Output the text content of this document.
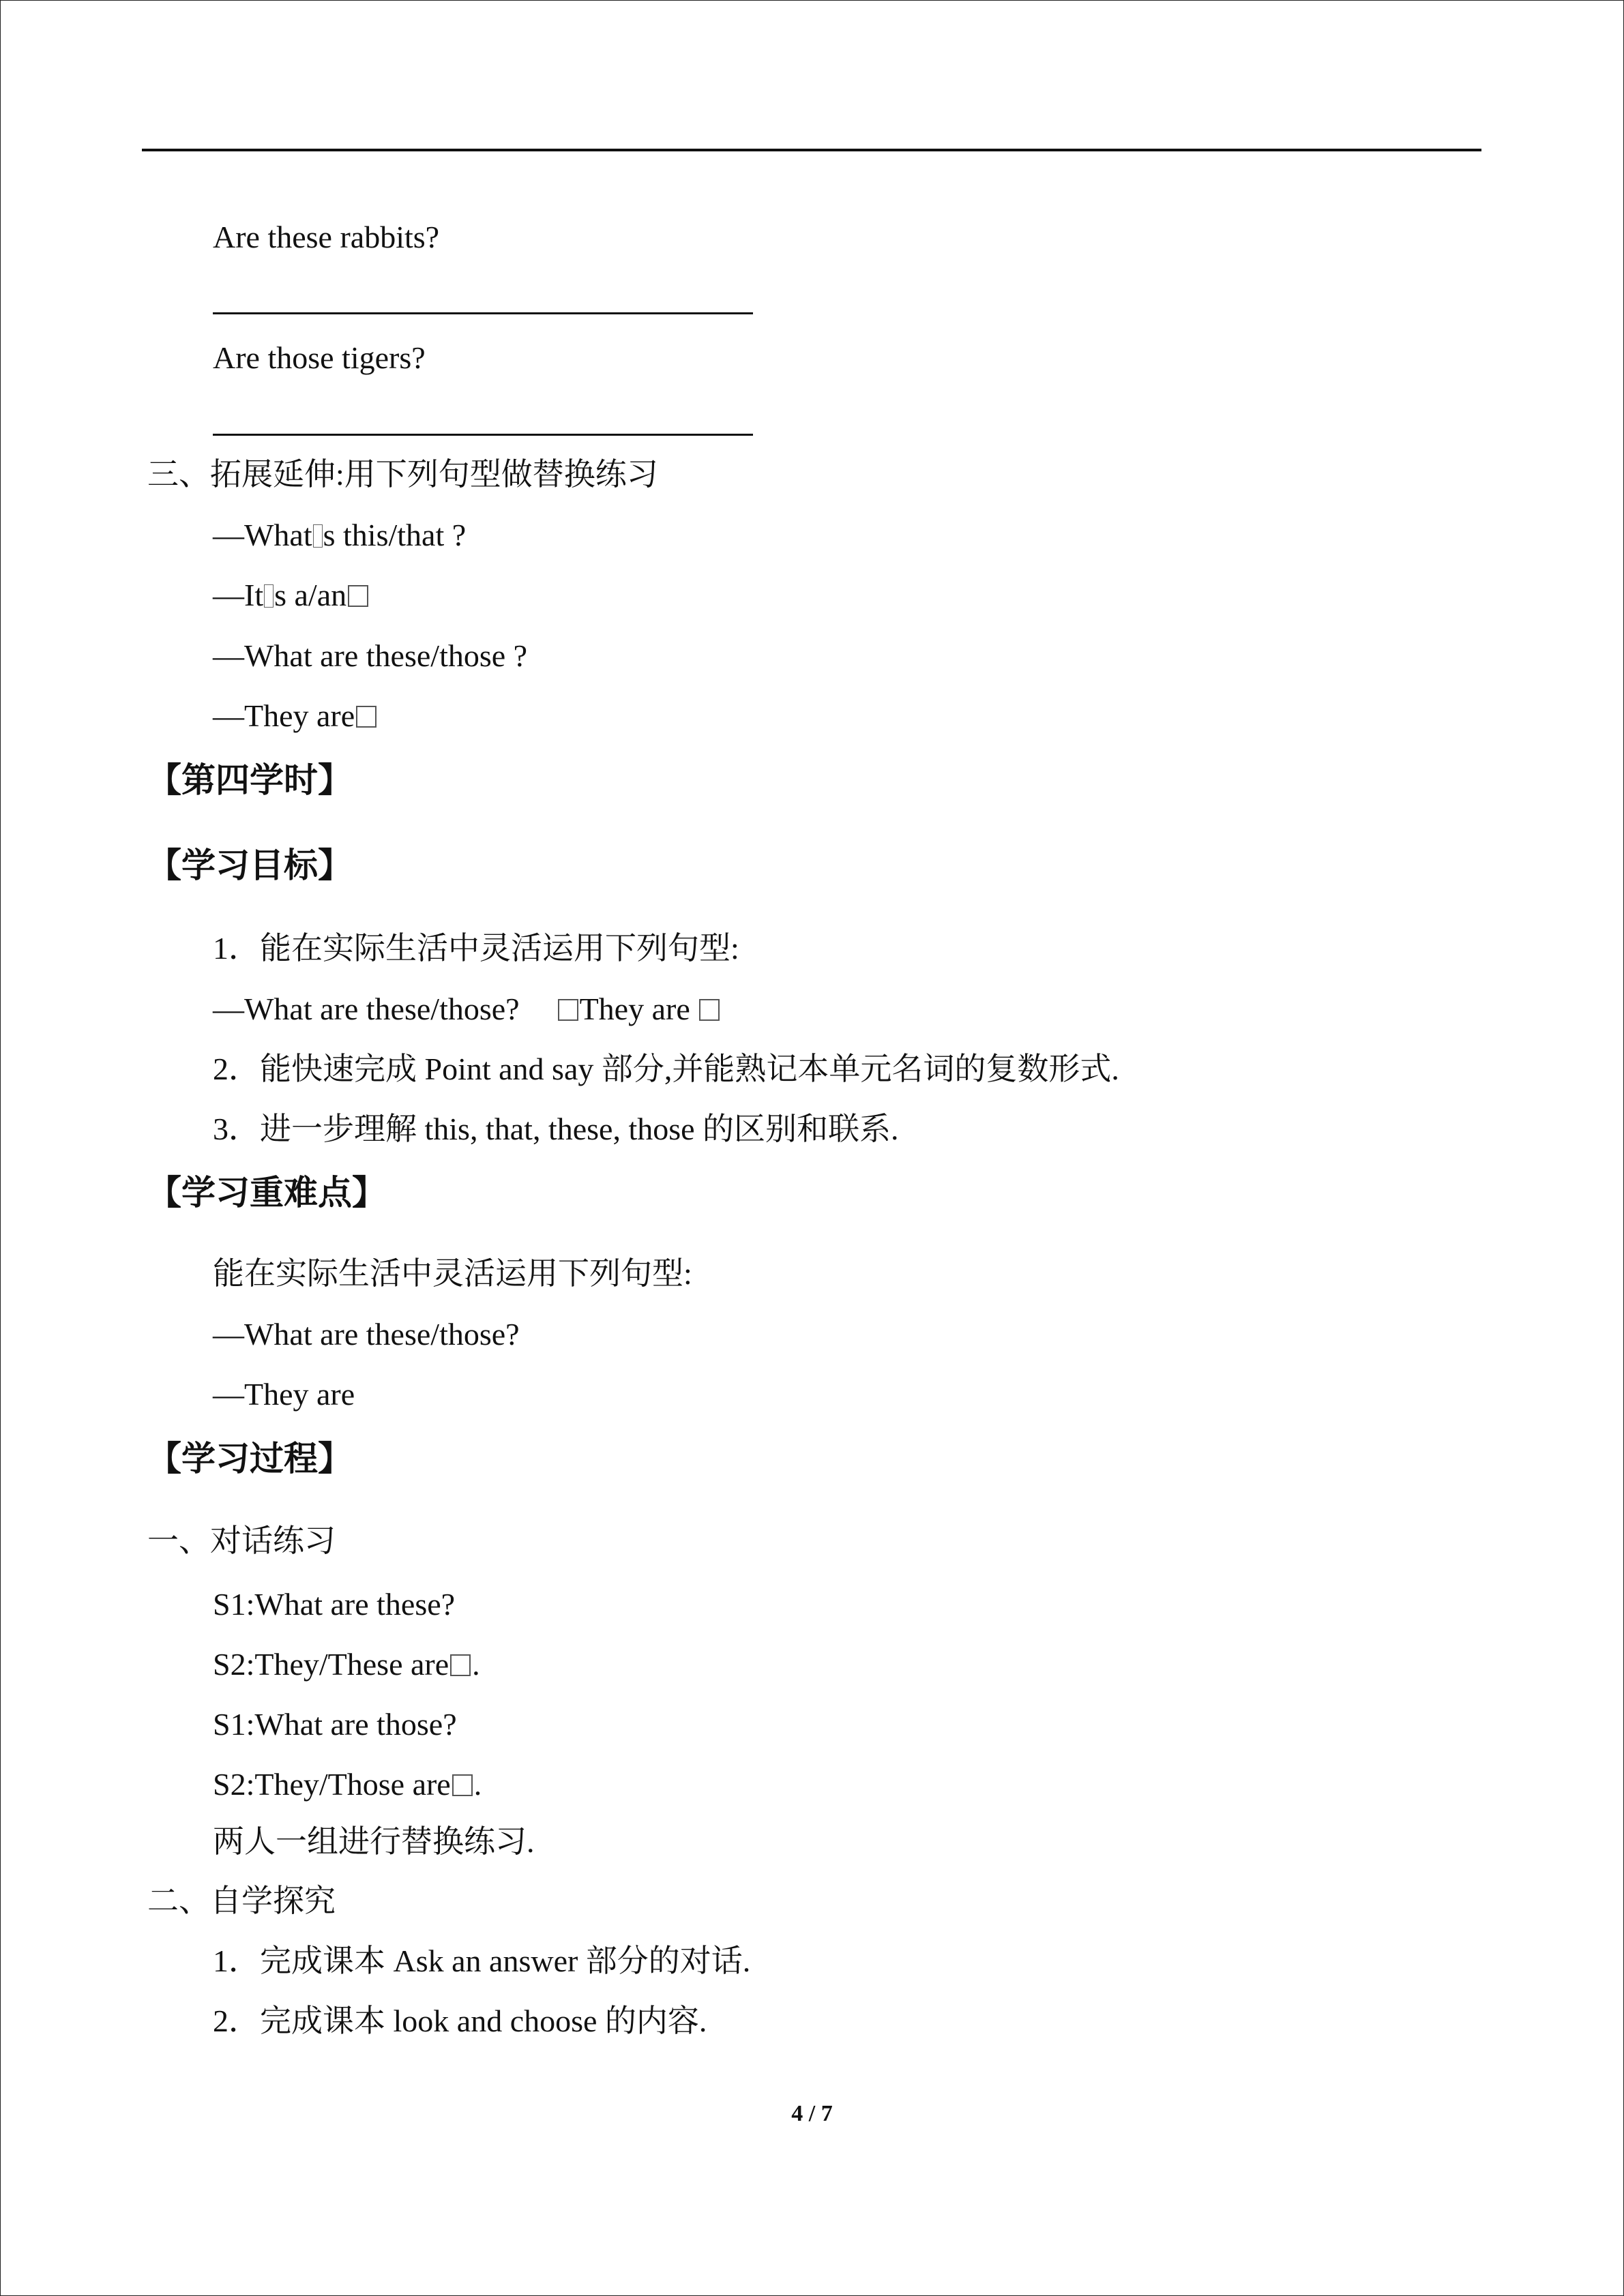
Are these rabbits?
Are those tigers?
三、拓展延伸:用下列句型做替换练习
—What s this/that ?
—It s a/an
—What are these/those ?
—They are
【第四学时】
【学习目标】
1．能在实际生活中灵活运用下列句型:
—What are these/those? They are
2．能快速完成 Point and say 部分,并能熟记本单元名词的复数形式.
3．进一步理解 this, that, these, those 的区别和联系.
【学习重难点】
能在实际生活中灵活运用下列句型:
—What are these/those?
—They are
【学习过程】
一、对话练习
S1:What are these?
S2:They/These are .
S1:What are those?
S2:They/Those are .
两人一组进行替换练习.
二、自学探究
1．完成课本 Ask an answer 部分的对话.
2．完成课本 look and choose 的内容.
4 / 7
